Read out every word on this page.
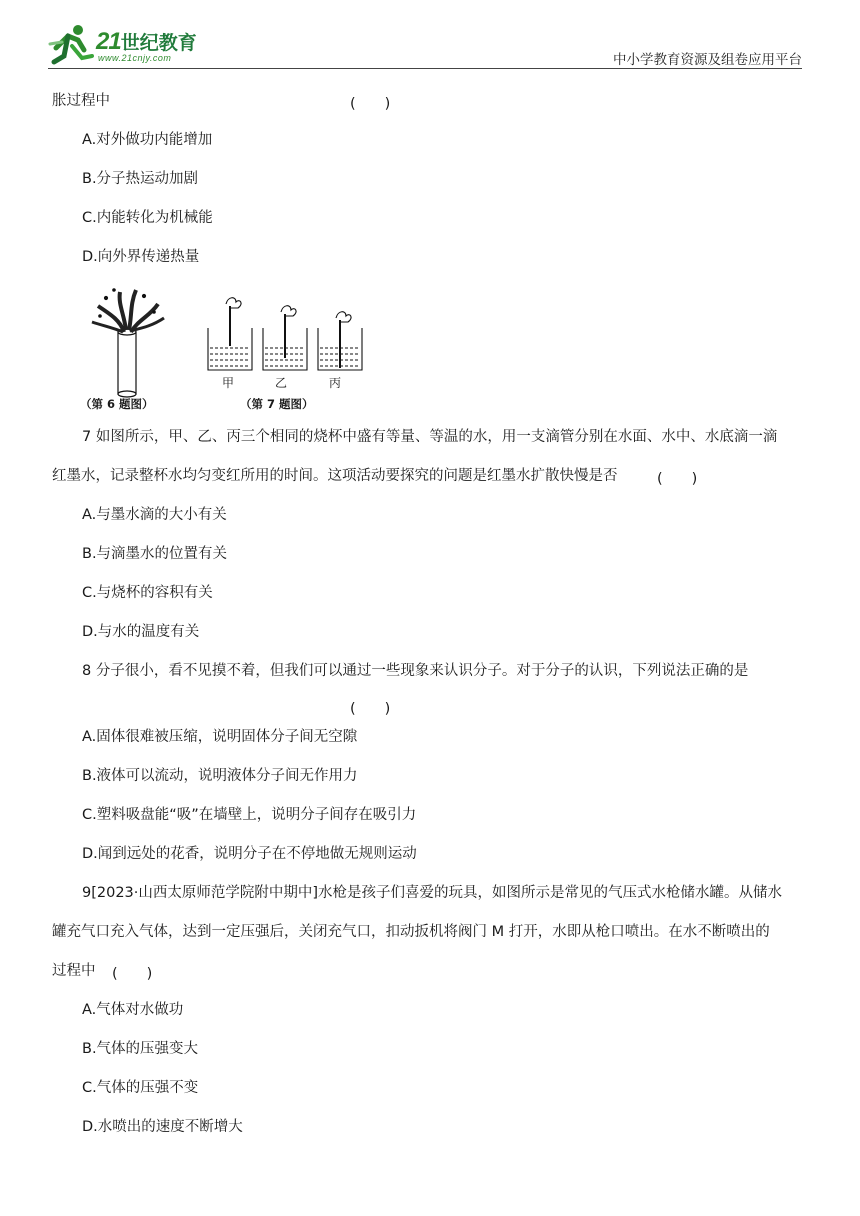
21世纪教育
www.21cnjy.com	中小学教育资源及组卷应用平台
胀过程中	(　　)
A.对外做功内能增加
B.分子热运动加剧
C.内能转化为机械能
D.向外界传递热量
甲	乙	丙
（第 6 题图）	（第 7 题图）
7 如图所示，甲、乙、丙三个相同的烧杯中盛有等量、等温的水，用一支滴管分别在水面、水中、水底滴一滴
红墨水，记录整杯水均匀变红所用的时间。这项活动要探究的问题是红墨水扩散快慢是否	(　　)
A.与墨水滴的大小有关
B.与滴墨水的位置有关
C.与烧杯的容积有关
D.与水的温度有关
8 分子很小，看不见摸不着，但我们可以通过一些现象来认识分子。对于分子的认识，下列说法正确的是
(　　)
A.固体很难被压缩，说明固体分子间无空隙
B.液体可以流动，说明液体分子间无作用力
C.塑料吸盘能“吸”在墙壁上，说明分子间存在吸引力
D.闻到远处的花香，说明分子在不停地做无规则运动
9[2023·山西太原师范学院附中期中]水枪是孩子们喜爱的玩具，如图所示是常见的气压式水枪储水罐。从储水
罐充气口充入气体，达到一定压强后，关闭充气口，扣动扳机将阀门 M 打开，水即从枪口喷出。在水不断喷出的
过程中 (　　)
A.气体对水做功
B.气体的压强变大
C.气体的压强不变
D.水喷出的速度不断增大
